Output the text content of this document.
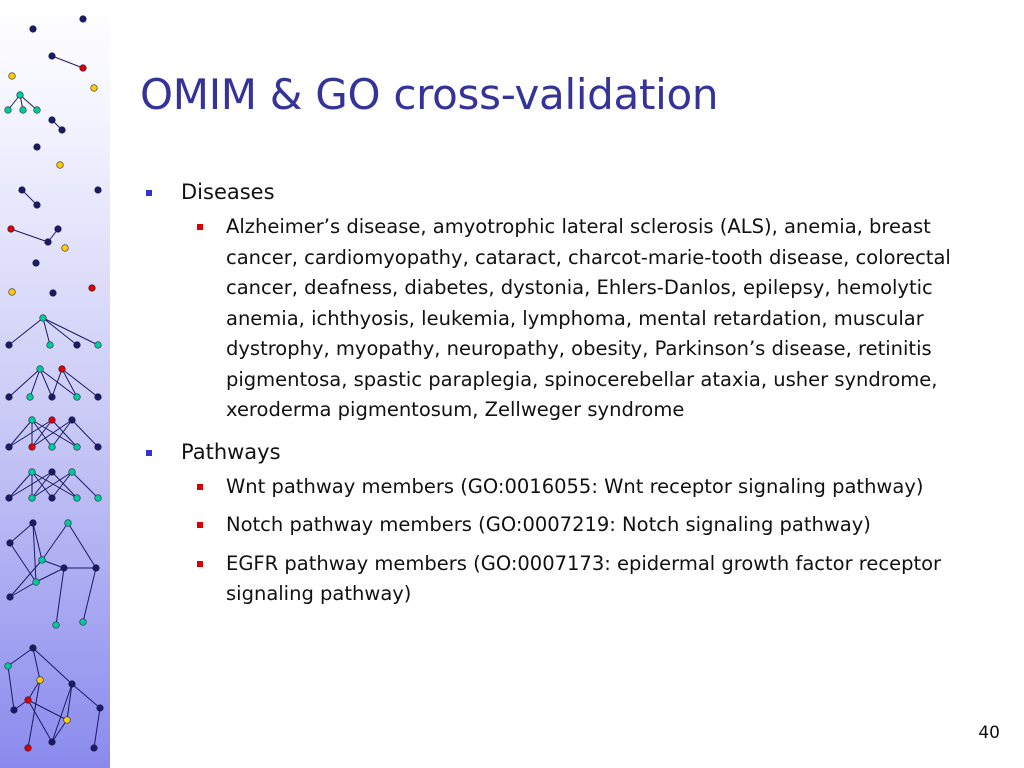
OMIM & GO cross-validation
Diseases
Alzheimer’s disease, amyotrophic lateral sclerosis (ALS), anemia, breast cancer, cardiomyopathy, cataract, charcot-marie-tooth disease, colorectal cancer, deafness, diabetes, dystonia, Ehlers-Danlos, epilepsy, hemolytic anemia, ichthyosis, leukemia, lymphoma, mental retardation, muscular dystrophy, myopathy, neuropathy, obesity, Parkinson’s disease, retinitis pigmentosa, spastic paraplegia, spinocerebellar ataxia, usher syndrome, xeroderma pigmentosum, Zellweger syndrome
Pathways
Wnt pathway members (GO:0016055: Wnt receptor signaling pathway)
Notch pathway members (GO:0007219: Notch signaling pathway)
EGFR pathway members (GO:0007173: epidermal growth factor receptor signaling pathway)
40
